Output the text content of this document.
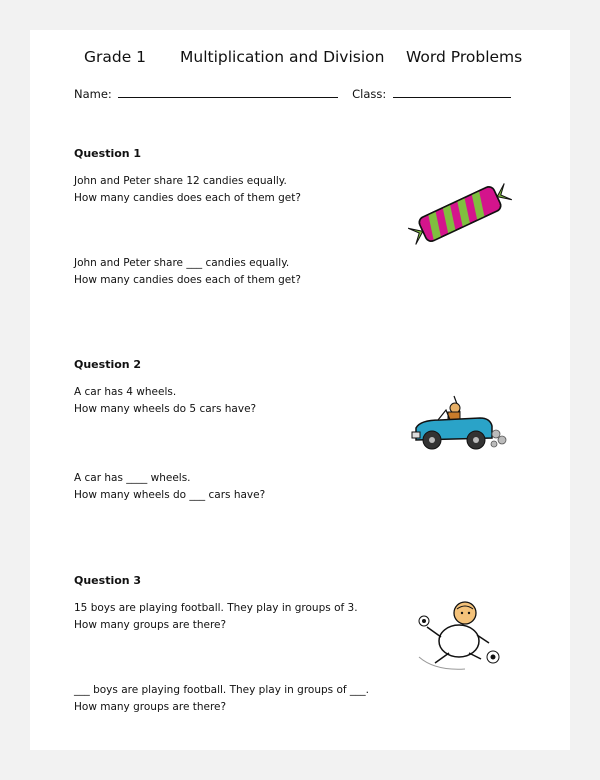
Grade 1 Multiplication and Division Word Problems
Name:	Class:
Question 1
John and Peter share 12 candies equally.
How many candies does each of them get?
John and Peter share ___ candies equally.
How many candies does each of them get?
Question 2
A car has 4 wheels.
How many wheels do 5 cars have?
A car has ____ wheels.
How many wheels do ___ cars have?
Question 3
15 boys are playing football. They play in groups of 3.
How many groups are there?
___ boys are playing football. They play in groups of ___.
How many groups are there?
